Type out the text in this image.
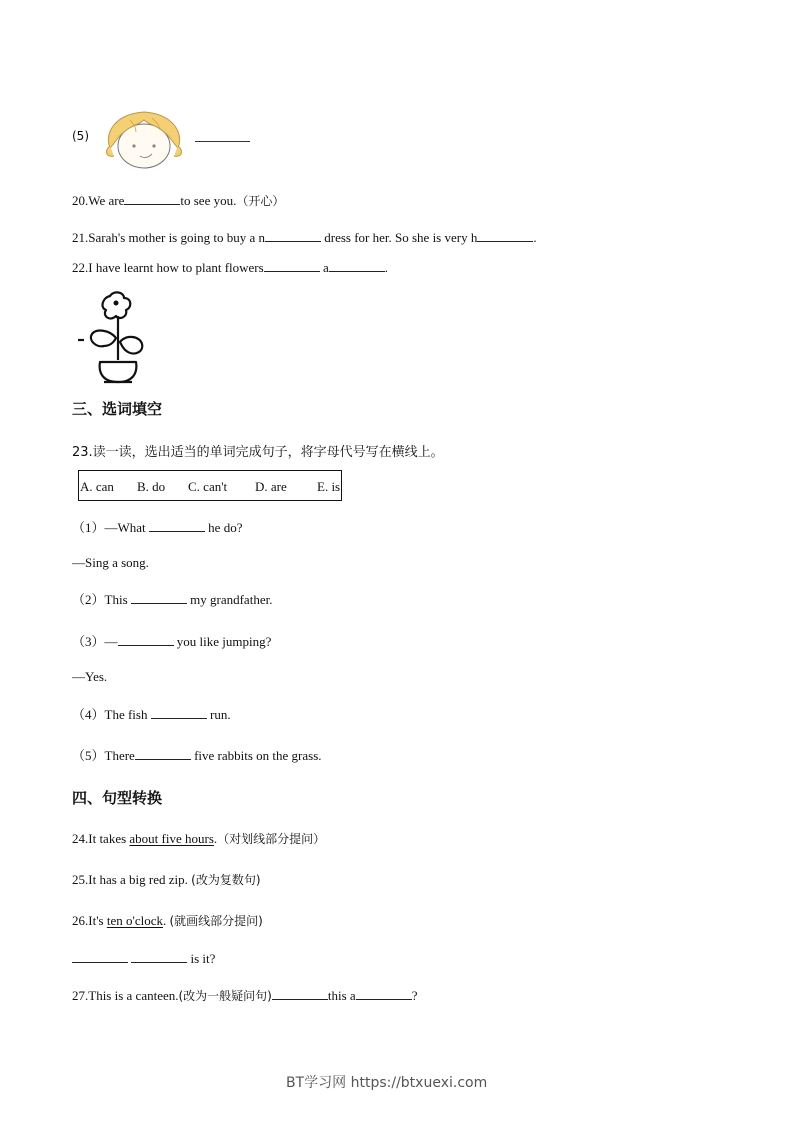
(5)
20.We are	to see you.（开心）
21.Sarah's mother is going to buy a n	dress for her. So she is very h	.
22.I have learnt how to plant flowers	a	.
三、选词填空
23.读一读，选出适当的单词完成句子，将字母代号写在横线上。
A. can B. do C. can't D. are E. is
（1）—What	he do?
—Sing a song.
（2）This	my grandfather.
（3）—	you like jumping?
—Yes.
（4）The fish	run.
（5）There	five rabbits on the grass.
四、句型转换
24.It takes about five hours.（对划线部分提问）
25.It has a big red zip. (改为复数句)
26.It's ten o'clock. (就画线部分提问)
is it?
27.This is a canteen.(改为一般疑问句)	this a	?
BT学习网 https://btxuexi.com
